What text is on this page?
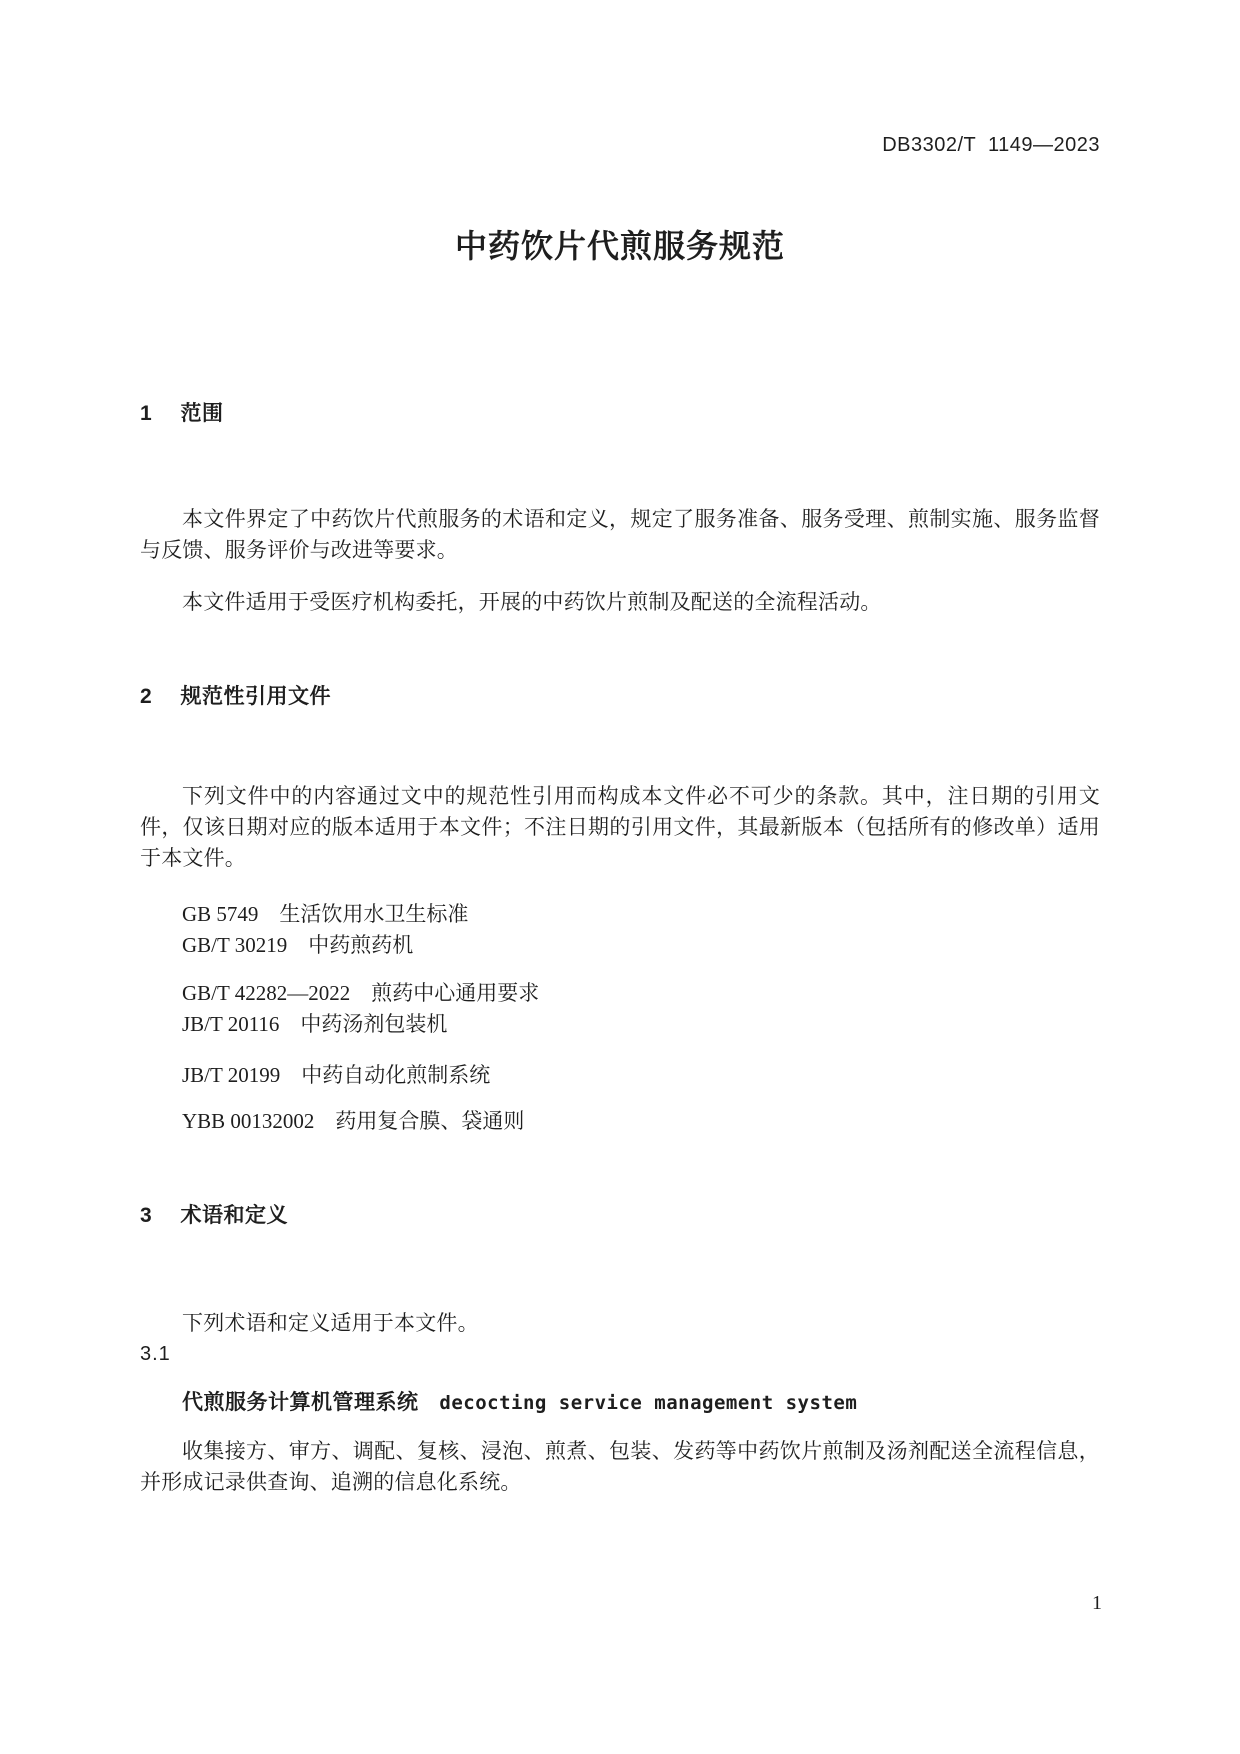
DB3302/T  1149—2023
中药饮片代煎服务规范
1 范围

本文件界定了中药饮片代煎服务的术语和定义，规定了服务准备、服务受理、煎制实施、服务监督与反馈、服务评价与改进等要求。

本文件适用于受医疗机构委托，开展的中药饮片煎制及配送的全流程活动。

2 规范性引用文件

下列文件中的内容通过文中的规范性引用而构成本文件必不可少的条款。其中，注日期的引用文件，仅该日期对应的版本适用于本文件；不注日期的引用文件，其最新版本（包括所有的修改单）适用于本文件。

GB 5749　生活饮用水卫生标准

GB/T 30219　中药煎药机

GB/T 42282—2022　煎药中心通用要求

JB/T 20116　中药汤剂包装机

JB/T 20199　中药自动化煎制系统

YBB 00132002　药用复合膜、袋通则

3 术语和定义

下列术语和定义适用于本文件。

3.1
代煎服务计算机管理系统 decocting service management system

收集接方、审方、调配、复核、浸泡、煎煮、包装、发药等中药饮片煎制及汤剂配送全流程信息，并形成记录供查询、追溯的信息化系统。

1
